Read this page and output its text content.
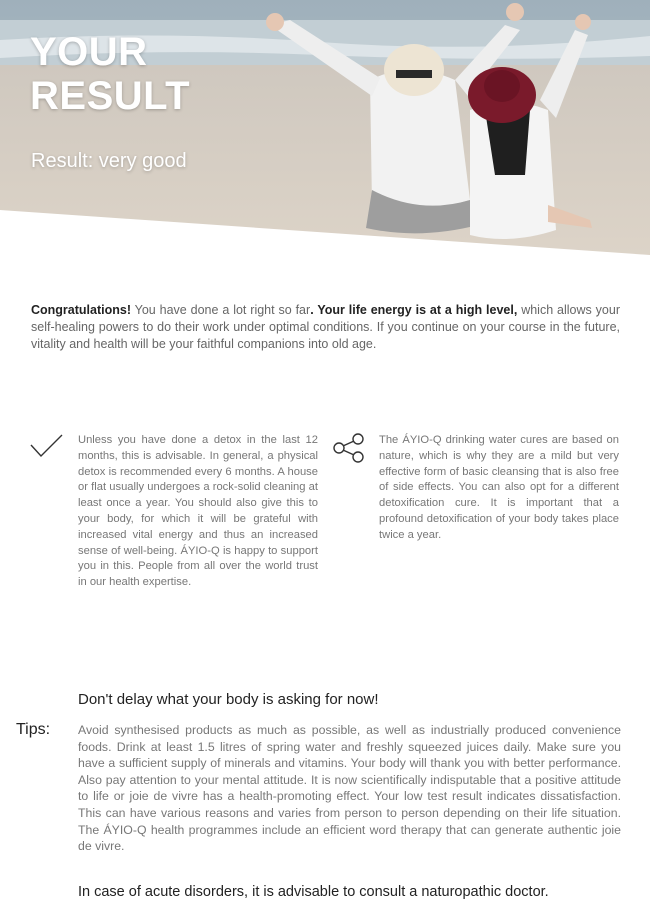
YOUR
RESULT
Result: very good

Congratulations! You have done a lot right so far. Your life energy is at a high level, which allows your self-healing powers to do their work under optimal conditions. If you continue on your course in the future, vitality and health will be your faithful companions into old age.

Unless you have done a detox in the last 12 months, this is advisable. In general, a physical detox is recommended every 6 months. A house or flat usually undergoes a rock-solid cleaning at least once a year. You should also give this to your body, for which it will be grateful with increased vital energy and thus an increased sense of well-being. ÁYIO-Q is happy to support you in this. People from all over the world trust in our health expertise.

The ÁYIO-Q drinking water cures are based on nature, which is why they are a mild but very effective form of basic cleansing that is also free of side effects. You can also opt for a different detoxification cure. It is important that a profound detoxification of your body takes place twice a year.

Don't delay what your body is asking for now!
Tips: Avoid synthesised products as much as possible, as well as industrially produced convenience foods. Drink at least 1.5 litres of spring water and freshly squeezed juices daily. Make sure you have a sufficient supply of minerals and vitamins. Your body will thank you with better performance. Also pay attention to your mental attitude. It is now scientifically indisputable that a positive attitude to life or joie de vivre has a health-promoting effect. Your low test result indicates dissatisfaction. This can have various reasons and varies from person to person depending on their life situation. The ÁYIO-Q health programmes include an efficient word therapy that can generate authentic joie de vivre.

In case of acute disorders, it is advisable to consult a naturopathic doctor.
